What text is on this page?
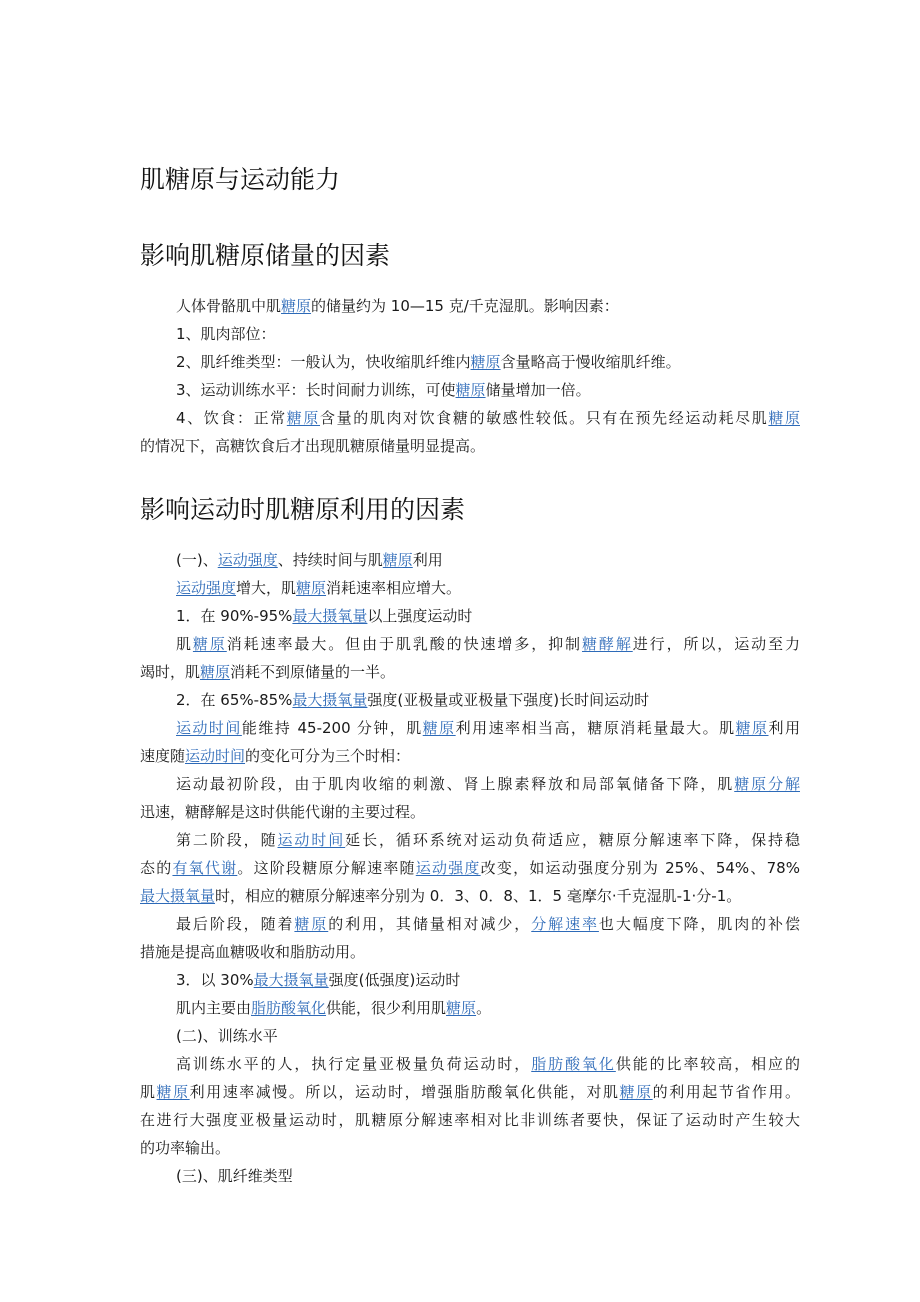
肌糖原与运动能力
影响肌糖原储量的因素
影响运动时肌糖原利用的因素

人体骨骼肌中肌糖原的储量约为 10—15 克/千克湿肌。影响因素：

1、肌肉部位：

2、肌纤维类型：一般认为，快收缩肌纤维内糖原含量略高于慢收缩肌纤维。

3、运动训练水平：长时间耐力训练，可使糖原储量增加一倍。

4、饮食：正常糖原含量的肌肉对饮食糖的敏感性较低。只有在预先经运动耗尽肌糖原

的情况下，高糖饮食后才出现肌糖原储量明显提高。

(一)、运动强度、持续时间与肌糖原利用

运动强度增大，肌糖原消耗速率相应增大。

1．在 90%-95%最大摄氧量以上强度运动时

肌糖原消耗速率最大。但由于肌乳酸的快速增多，抑制糖酵解进行，所以，运动至力

竭时，肌糖原消耗不到原储量的一半。

2．在 65%-85%最大摄氧量强度(亚极量或亚极量下强度)长时间运动时

运动时间能维持 45-200 分钟，肌糖原利用速率相当高，糖原消耗量最大。肌糖原利用

速度随运动时间的变化可分为三个时相：

运动最初阶段，由于肌肉收缩的刺激、肾上腺素释放和局部氧储备下降，肌糖原分解

迅速，糖酵解是这时供能代谢的主要过程。

第二阶段，随运动时间延长，循环系统对运动负荷适应，糖原分解速率下降，保持稳

态的有氧代谢。这阶段糖原分解速率随运动强度改变，如运动强度分别为 25%、54%、78%

最大摄氧量时，相应的糖原分解速率分别为 0．3、0．8、1．5 毫摩尔·千克湿肌-1·分-1。

最后阶段，随着糖原的利用，其储量相对减少，分解速率也大幅度下降，肌肉的补偿

措施是提高血糖吸收和脂肪动用。

3．以 30%最大摄氧量强度(低强度)运动时

肌内主要由脂肪酸氧化供能，很少利用肌糖原。

(二)、训练水平

高训练水平的人，执行定量亚极量负荷运动时，脂肪酸氧化供能的比率较高，相应的

肌糖原利用速率减慢。所以，运动时，增强脂肪酸氧化供能，对肌糖原的利用起节省作用。

在进行大强度亚极量运动时，肌糖原分解速率相对比非训练者要快，保证了运动时产生较大

的功率输出。

(三)、肌纤维类型
